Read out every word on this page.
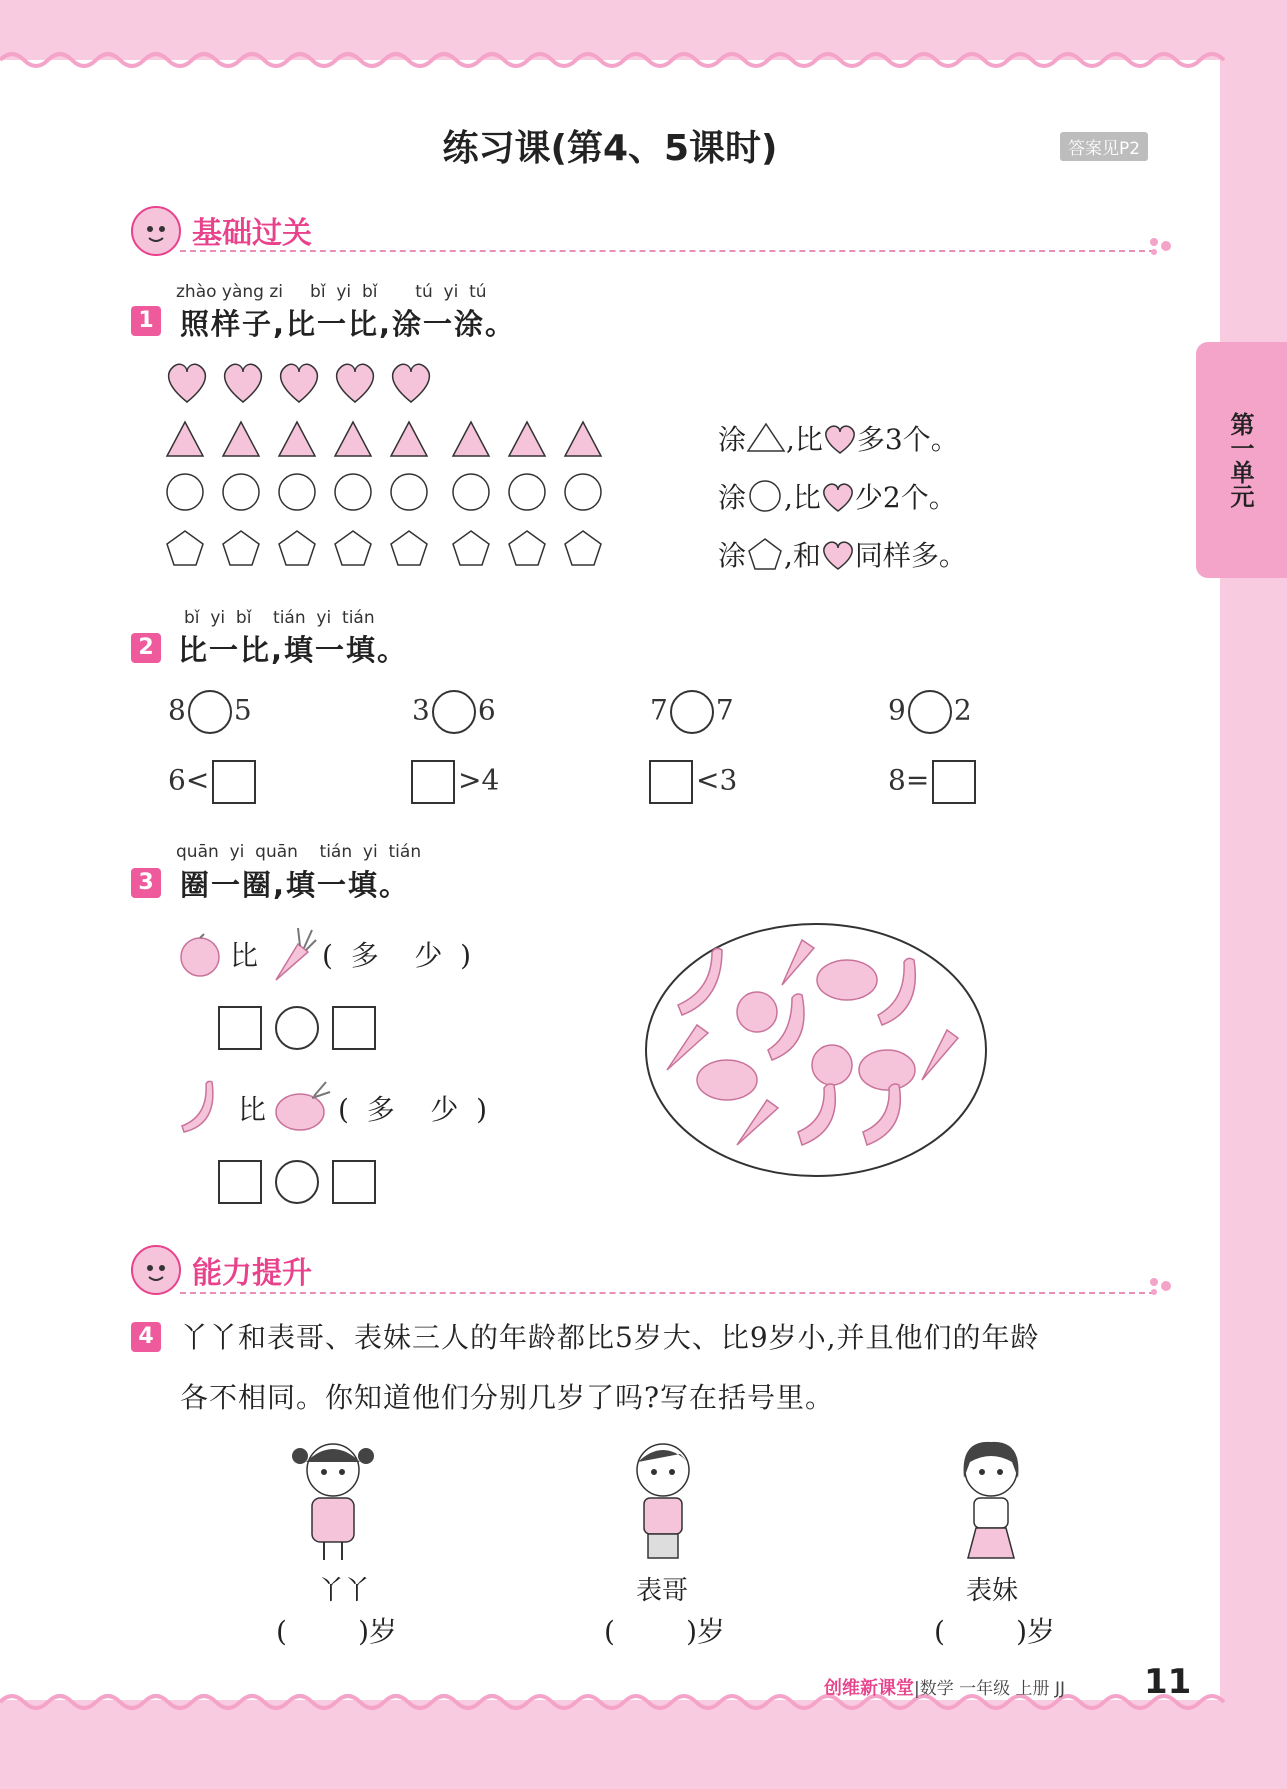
练习课(第4、5课时)	答案见P2
第一单元
基础过关
zhào yàng zi     bǐ  yi  bǐ       tú  yi  tú
1 照样子,比一比,涂一涂。
涂 ,比 多3个。
涂 ,比 少2个。
涂 ,和 同样多。
bǐ  yi  bǐ    tián  yi  tián
2 比一比,填一填。
8 5	3 6	7 7	9 2
6<	>4	<3	8=
quān  yi  quān    tián  yi  tián
3 圈一圈,填一填。
比 (  多    少  )
比	(  多    少  )
能力提升
4 丫丫和表哥、表妹三人的年龄都比5岁大、比9岁小,并且他们的年龄
各不相同。你知道他们分别几岁了吗?写在括号里。
丫丫	表哥	表妹
(        )岁	(        )岁	(        )岁
创维新课堂|数学 一年级 上册 JJ 11
